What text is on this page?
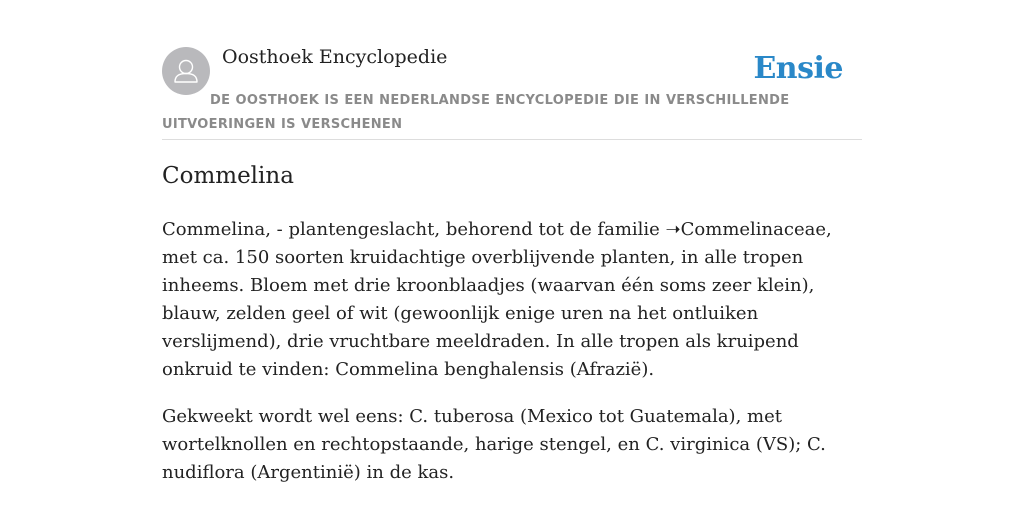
Oosthoek Encyclopedie	Ensie
DE OOSTHOEK IS EEN NEDERLANDSE ENCYCLOPEDIE DIE IN VERSCHILLENDE UITVOERINGEN IS VERSCHENEN
Commelina

Commelina, - plantengeslacht, behorend tot de familie ➝Commelinaceae, met ca. 150 soorten kruidachtige overblijvende planten, in alle tropen inheems. Bloem met drie kroonblaadjes (waarvan één soms zeer klein), blauw, zelden geel of wit (gewoonlijk enige uren na het ontluiken verslijmend), drie vruchtbare meeldraden. In alle tropen als kruipend onkruid te vinden: Commelina benghalensis (Afrazië).

Gekweekt wordt wel eens: C. tuberosa (Mexico tot Guatemala), met wortelknollen en rechtopstaande, harige stengel, en C. virginica (VS); C. nudiflora (Argentinië) in de kas.
